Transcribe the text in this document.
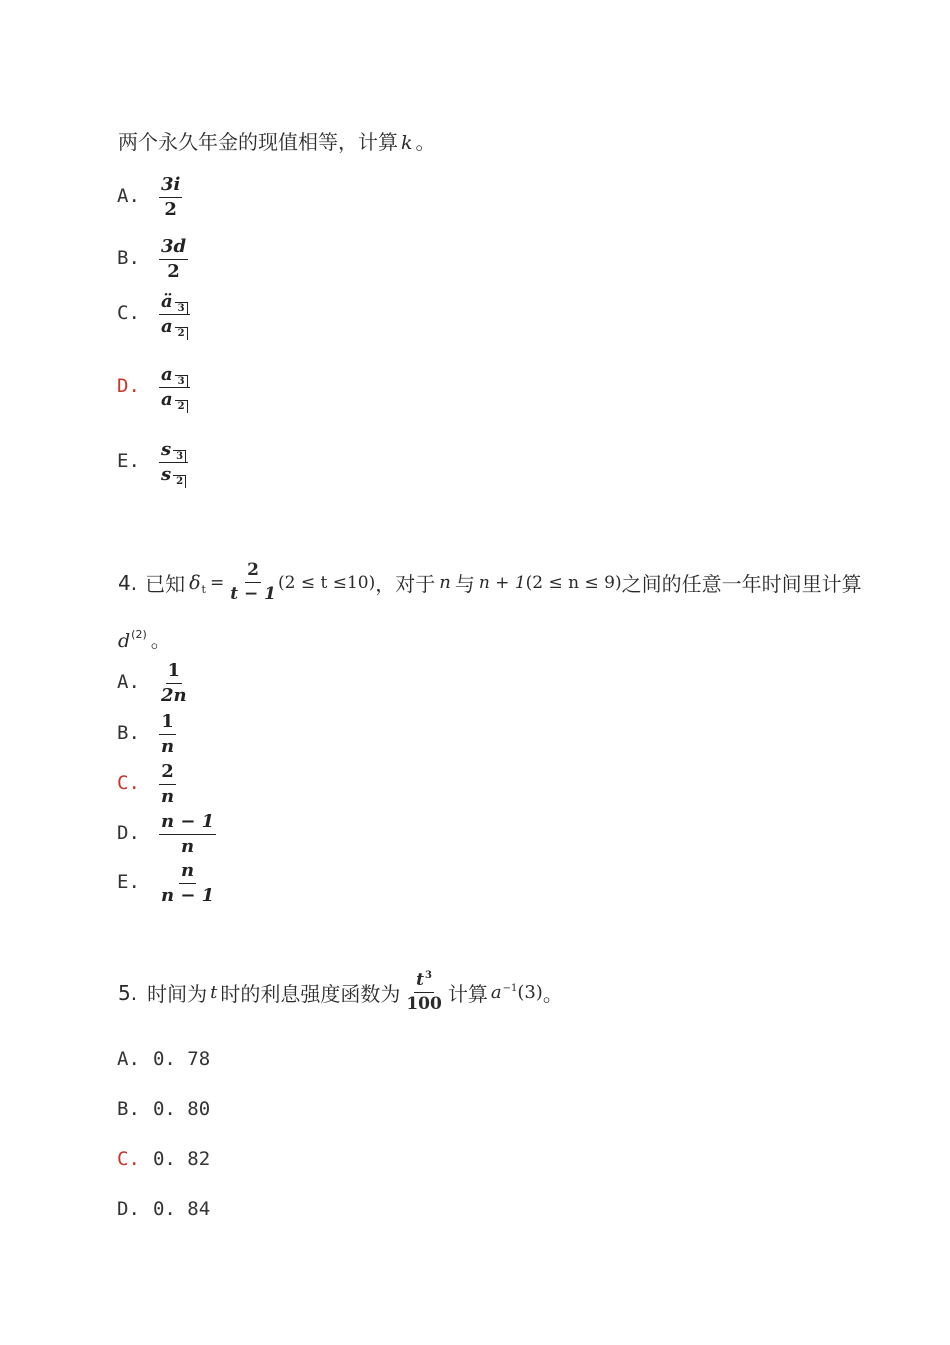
两个永久年金的现值相等，计算 k 。
A. $\frac{3i}{2}$
B. $\frac{3d}{2}$
C. $\frac{ä 3}{a 2}$
D. $\frac{a 3}{a 2}$
E. $\frac{s 3}{s 2}$
4. 已知 $\delta_t = \frac{2}{t - 1} (2 \le t \le 10)$ ，对于 n 与 n + 1 (2 ≤ n ≤ 9) 之间的任意一年时间里计算
$d^{(2)}$ 。
A. $\frac{1}{2n}$
B. $\frac{1}{n}$
C. $\frac{2}{n}$
D. $\frac{n - 1}{n}$
E. $\frac{n}{n - 1}$
5. 时间为 t 时的利息强度函数为 $\frac{t^3}{100}$ 计算 $a^{-1}$ (3) 。
A. 0. 78
B. 0. 80
C. 0. 82
D. 0. 84
